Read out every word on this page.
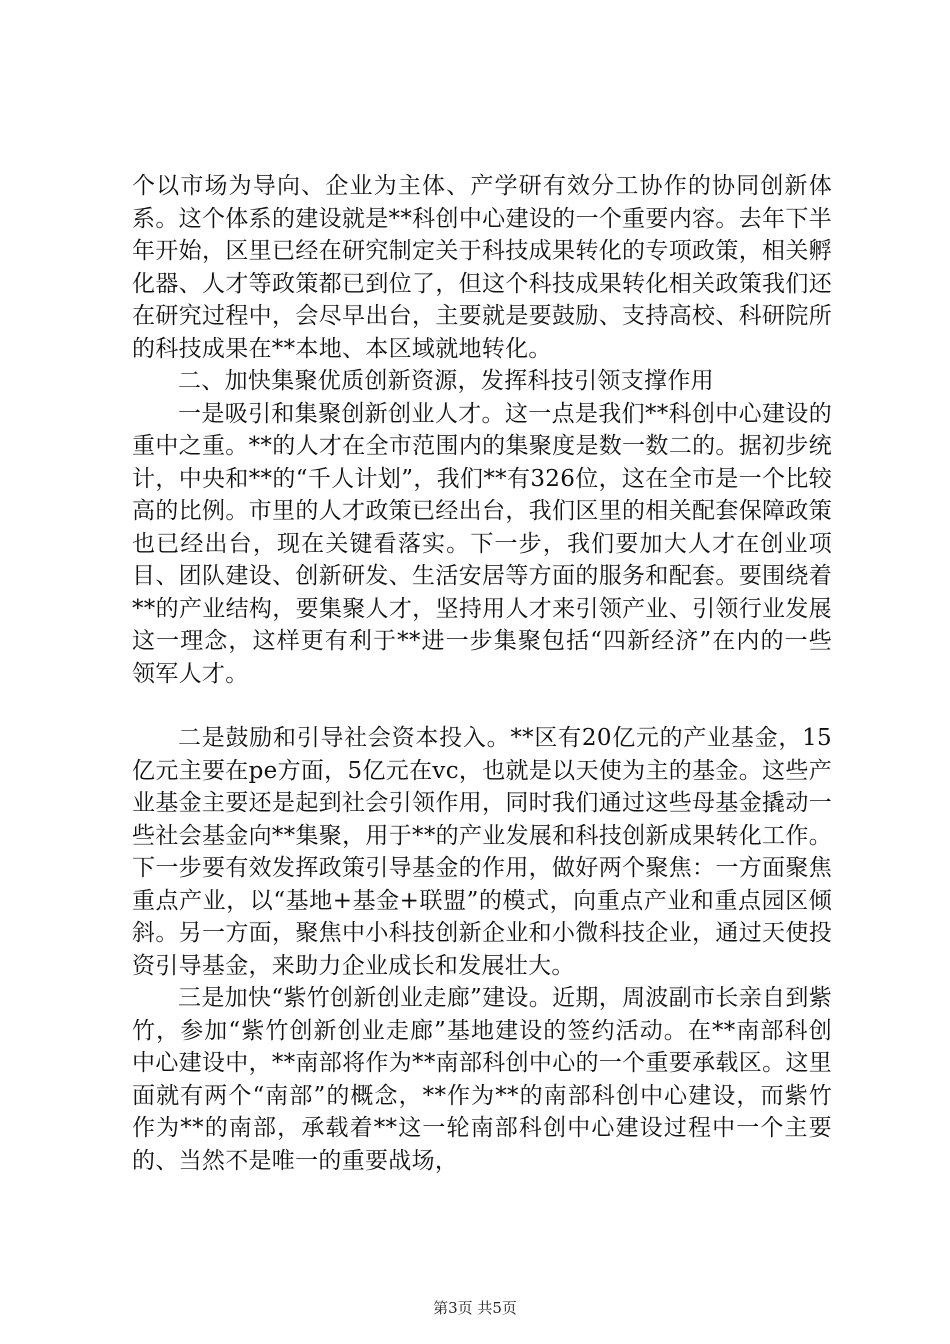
个以市场为导向、企业为主体、产学研有效分工协作的协同创新体系。这个体系的建设就是**科创中心建设的一个重要内容。去年下半年开始，区里已经在研究制定关于科技成果转化的专项政策，相关孵化器、人才等政策都已到位了，但这个科技成果转化相关政策我们还在研究过程中，会尽早出台，主要就是要鼓励、支持高校、科研院所的科技成果在**本地、本区域就地转化。

二、加快集聚优质创新资源，发挥科技引领支撑作用

一是吸引和集聚创新创业人才。这一点是我们**科创中心建设的重中之重。**的人才在全市范围内的集聚度是数一数二的。据初步统计，中央和**的“千人计划”，我们**有326位，这在全市是一个比较高的比例。市里的人才政策已经出台，我们区里的相关配套保障政策也已经出台，现在关键看落实。下一步，我们要加大人才在创业项目、团队建设、创新研发、生活安居等方面的服务和配套。要围绕着**的产业结构，要集聚人才，坚持用人才来引领产业、引领行业发展这一理念，这样更有利于**进一步集聚包括“四新经济”在内的一些领军人才。

二是鼓励和引导社会资本投入。**区有20亿元的产业基金，15亿元主要在pe方面，5亿元在vc，也就是以天使为主的基金。这些产业基金主要还是起到社会引领作用，同时我们通过这些母基金撬动一些社会基金向**集聚，用于**的产业发展和科技创新成果转化工作。下一步要有效发挥政策引导基金的作用，做好两个聚焦：一方面聚焦重点产业，以“基地+基金+联盟”的模式，向重点产业和重点园区倾斜。另一方面，聚焦中小科技创新企业和小微科技企业，通过天使投资引导基金，来助力企业成长和发展壮大。

三是加快“紫竹创新创业走廊”建设。近期，周波副市长亲自到紫竹，参加“紫竹创新创业走廊”基地建设的签约活动。在**南部科创中心建设中，**南部将作为**南部科创中心的一个重要承载区。这里面就有两个“南部”的概念，**作为**的南部科创中心建设，而紫竹作为**的南部，承载着**这一轮南部科创中心建设过程中一个主要的、当然不是唯一的重要战场，

第3页 共5页
